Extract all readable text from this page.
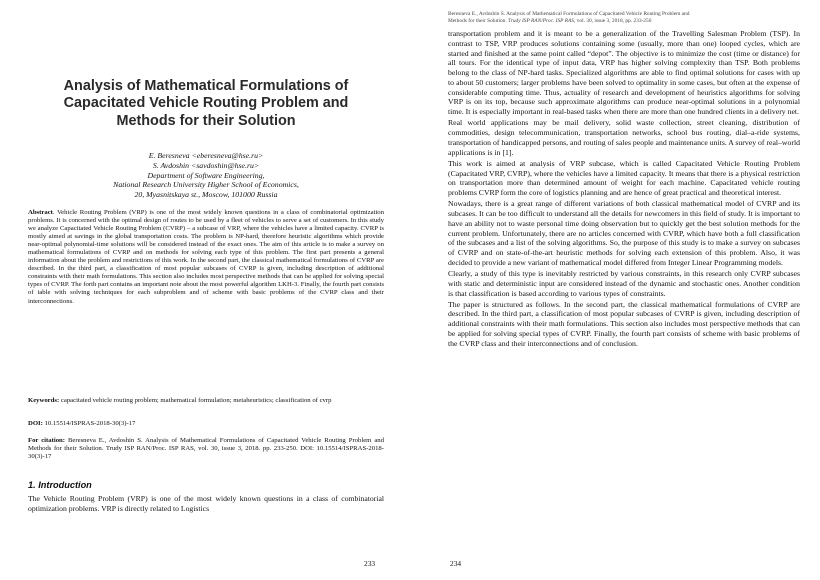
Analysis of Mathematical Formulations of Capacitated Vehicle Routing Problem and Methods for their Solution
E. Beresneva <eberesneva@hse.ru>
S. Avdoshin <savdoshin@hse.ru>
Department of Software Engineering,
National Research University Higher School of Economics,
20, Myasnitskaya st., Moscow, 101000 Russia

Abstract. Vehicle Routing Problem (VRP) is one of the most widely known questions in a class of combinatorial optimization problems. It is concerned with the optimal design of routes to be used by a fleet of vehicles to serve a set of customers. In this study we analyze Capacitated Vehicle Routing Problem (CVRP) – a subcase of VRP, where the vehicles have a limited capacity. CVRP is mostly aimed at savings in the global transportation costs. The problem is NP-hard, therefore heuristic algorithms which provide near-optimal polynomial-time solutions will be considered instead of the exact ones. The aim of this article is to make a survey on mathematical formulations of CVRP and on methods for solving each type of this problem. The first part presents a general information about the problem and restrictions of this work. In the second part, the classical mathematical formulations of CVRP are described. In the third part, a classification of most popular subcases of CVRP is given, including description of additional constraints with their math formulations. This section also includes most perspective methods that can be applied for solving special types of CVRP. The forth part contains an important note about the most powerful algorithm LKH-3. Finally, the fourth part consists of table with solving techniques for each subproblem and of scheme with basic problems of the CVRP class and their interconnections.

Keywords: capacitated vehicle routing problem; mathematical formulation; metaheuristics; classification of cvrp

DOI: 10.15514/ISPRAS-2018-30(3)-17

For citation: Beresneva E., Avdoshin S. Analysis of Mathematical Formulations of Capacitated Vehicle Routing Problem and Methods for their Solution. Trudy ISP RAN/Proc. ISP RAS, vol. 30, issue 3, 2018. pp. 233-250. DOI: 10.15514/ISPRAS-2018-30(3)-17

1. Introduction

The Vehicle Routing Problem (VRP) is one of the most widely known questions in a class of combinatorial optimization problems. VRP is directly related to Logistics

233

Beresneva E., Avdoshin S. Analysis of Mathematical Formulations of Capacitated Vehicle Routing Problem and
Methods for their Solution. Trudy ISP RAN/Proc. ISP RAS, vol. 30, issue 3, 2018, pp. 233-250

transportation problem and it is meant to be a generalization of the Travelling Salesman Problem (TSP). In contrast to TSP, VRP produces solutions containing some (usually, more than one) looped cycles, which are started and finished at the same point called “depot”. The objective is to minimize the cost (time or distance) for all tours. For the identical type of input data, VRP has higher solving complexity than TSP. Both problems belong to the class of NP-hard tasks. Specialized algorithms are able to find optimal solutions for cases with up to about 50 customers; larger problems have been solved to optimality in some cases, but often at the expense of considerable computing time. Thus, actuality of research and development of heuristics algorithms for solving VRP is on its top, because such approximate algorithms can produce near-optimal solutions in a polynomial time. It is especially important in real-based tasks when there are more than one hundred clients in a delivery net.

Real world applications may be mail delivery, solid waste collection, street cleaning, distribution of commodities, design telecommunication, transportation networks, school bus routing, dial–a-ride systems, transportation of handicapped persons, and routing of sales people and maintenance units. A survey of real–world applications is in [1].

This work is aimed at analysis of VRP subcase, which is called Capacitated Vehicle Routing Problem (Capacitated VRP, CVRP), where the vehicles have a limited capacity. It means that there is a physical restriction on transportation more than determined amount of weight for each machine. Capacitated vehicle routing problems CVRP form the core of logistics planning and are hence of great practical and theoretical interest.

Nowadays, there is a great range of different variations of both classical mathematical model of CVRP and its subcases. It can be too difficult to understand all the details for newcomers in this field of study. It is important to have an ability not to waste personal time doing observation but to quickly get the best solution methods for the current problem. Unfortunately, there are no articles concerned with CVRP, which have both a full classification of the subcases and a list of the solving algorithms. So, the purpose of this study is to make a survey on subcases of CVRP and on state-of-the-art heuristic methods for solving each extension of this problem. Also, it was decided to provide a new variant of mathematical model differed from Integer Linear Programming models.

Clearly, a study of this type is inevitably restricted by various constraints, in this research only CVRP subcases with static and deterministic input are considered instead of the dynamic and stochastic ones. Another condition is that classification is based according to various types of constraints.

The paper is structured as follows. In the second part, the classical mathematical formulations of CVRP are described. In the third part, a classification of most popular subcases of CVRP is given, including description of additional constraints with their math formulations. This section also includes most perspective methods that can be applied for solving special types of CVRP. Finally, the fourth part consists of scheme with basic problems of the CVRP class and their interconnections and of conclusion.

234
